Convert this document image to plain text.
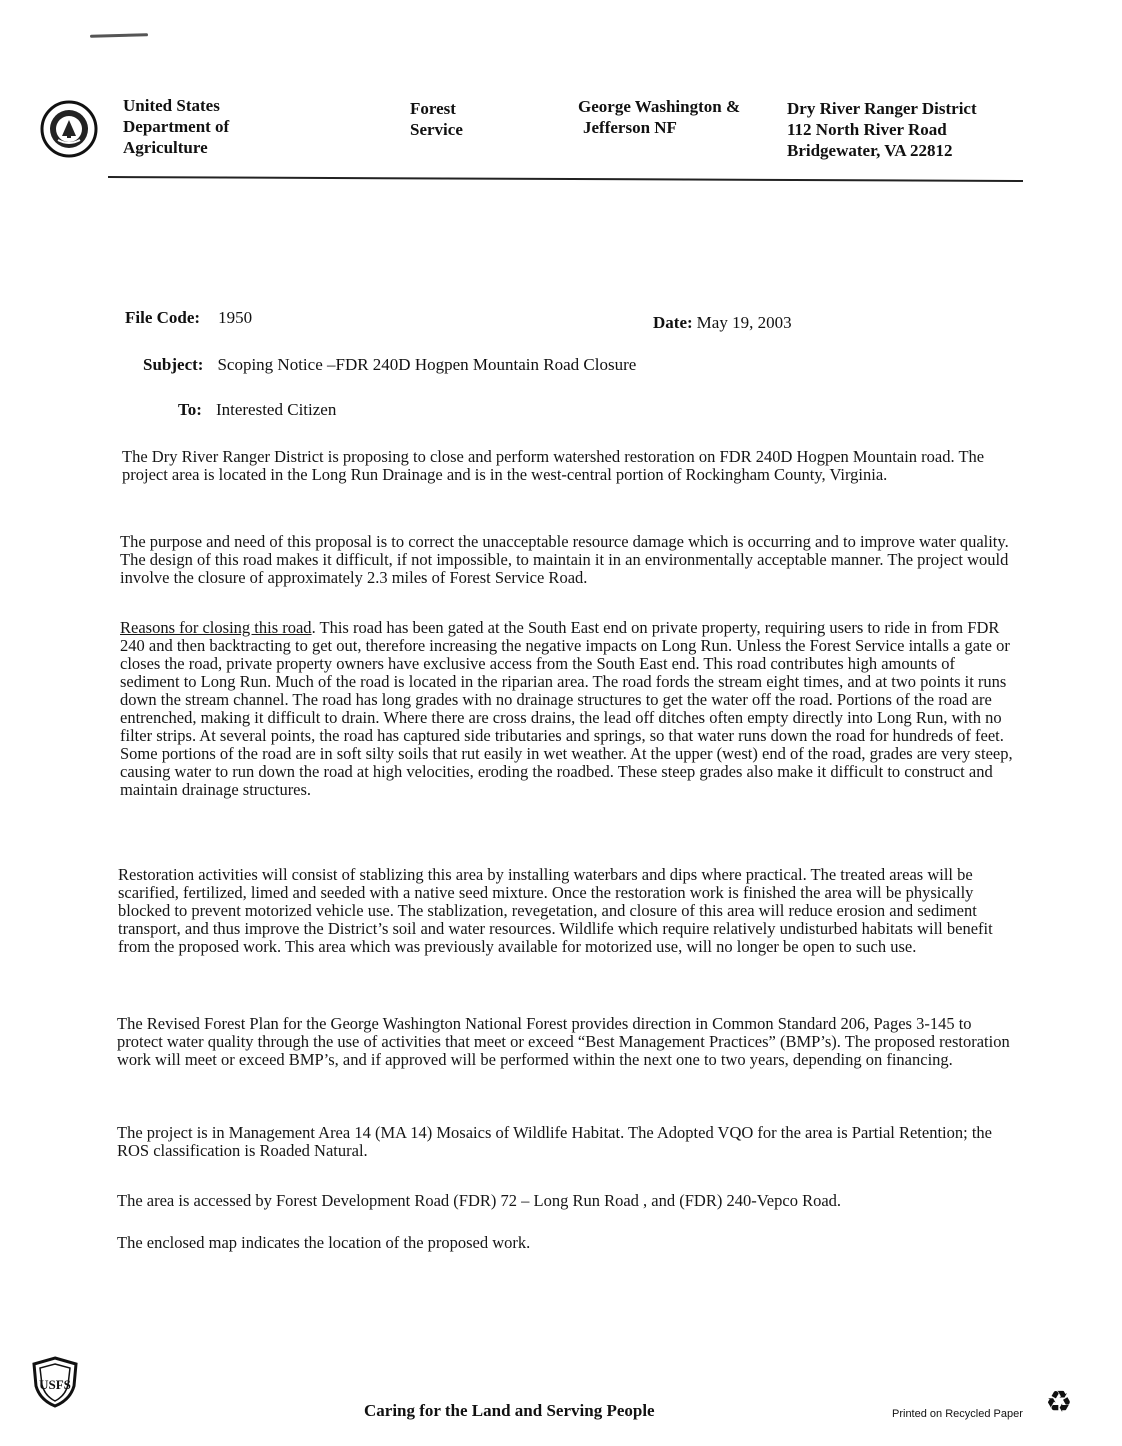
United States
Department of
Agriculture
Forest
Service
George Washington &
Jefferson NF
Dry River Ranger District
112 North River Road
Bridgewater, VA 22812
File Code: 1950	Date: May 19, 2003
Subject: Scoping Notice –FDR 240D Hogpen Mountain Road Closure
To: Interested Citizen

The Dry River Ranger District is proposing to close and perform watershed restoration on FDR 240D Hogpen Mountain road. The project area is located in the Long Run Drainage and is in the west-central portion of Rockingham County, Virginia.

The purpose and need of this proposal is to correct the unacceptable resource damage which is occurring and to improve water quality. The design of this road makes it difficult, if not impossible, to maintain it in an environmentally acceptable manner. The project would involve the closure of approximately 2.3 miles of Forest Service Road.

Reasons for closing this road. This road has been gated at the South East end on private property, requiring users to ride in from FDR 240 and then backtracting to get out, therefore increasing the negative impacts on Long Run. Unless the Forest Service intalls a gate or closes the road, private property owners have exclusive access from the South East end. This road contributes high amounts of sediment to Long Run. Much of the road is located in the riparian area. The road fords the stream eight times, and at two points it runs down the stream channel. The road has long grades with no drainage structures to get the water off the road. Portions of the road are entrenched, making it difficult to drain. Where there are cross drains, the lead off ditches often empty directly into Long Run, with no filter strips. At several points, the road has captured side tributaries and springs, so that water runs down the road for hundreds of feet. Some portions of the road are in soft silty soils that rut easily in wet weather. At the upper (west) end of the road, grades are very steep, causing water to run down the road at high velocities, eroding the roadbed. These steep grades also make it difficult to construct and maintain drainage structures.

Restoration activities will consist of stablizing this area by installing waterbars and dips where practical. The treated areas will be scarified, fertilized, limed and seeded with a native seed mixture. Once the restoration work is finished the area will be physically blocked to prevent motorized vehicle use. The stablization, revegetation, and closure of this area will reduce erosion and sediment transport, and thus improve the District’s soil and water resources. Wildlife which require relatively undisturbed habitats will benefit from the proposed work. This area which was previously available for motorized use, will no longer be open to such use.

The Revised Forest Plan for the George Washington National Forest provides direction in Common Standard 206, Pages 3-145 to protect water quality through the use of activities that meet or exceed “Best Management Practices” (BMP’s). The proposed restoration work will meet or exceed BMP’s, and if approved will be performed within the next one to two years, depending on financing.

The project is in Management Area 14 (MA 14) Mosaics of Wildlife Habitat. The Adopted VQO for the area is Partial Retention; the ROS classification is Roaded Natural.

The area is accessed by Forest Development Road (FDR) 72 – Long Run Road , and (FDR) 240-Vepco Road.

The enclosed map indicates the location of the proposed work.

USFS
Caring for the Land and Serving People	Printed on Recycled Paper ♻
